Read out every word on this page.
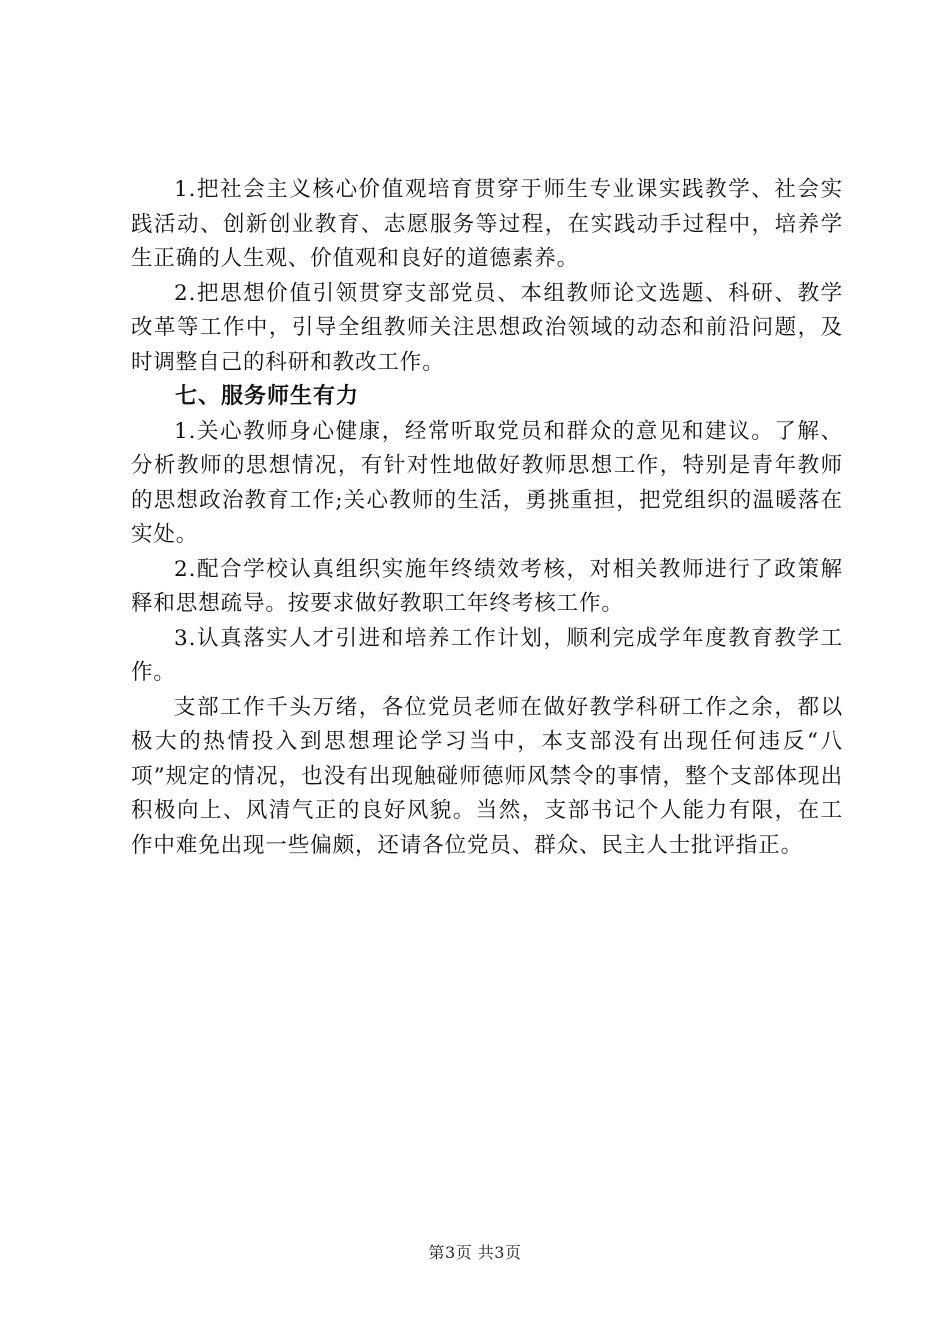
1.把社会主义核心价值观培育贯穿于师生专业课实践教学、社会实践活动、创新创业教育、志愿服务等过程，在实践动手过程中，培养学生正确的人生观、价值观和良好的道德素养。

2.把思想价值引领贯穿支部党员、本组教师论文选题、科研、教学改革等工作中，引导全组教师关注思想政治领域的动态和前沿问题，及时调整自己的科研和教改工作。

七、服务师生有力

1.关心教师身心健康，经常听取党员和群众的意见和建议。了解、分析教师的思想情况，有针对性地做好教师思想工作，特别是青年教师的思想政治教育工作;关心教师的生活，勇挑重担，把党组织的温暖落在实处。

2.配合学校认真组织实施年终绩效考核，对相关教师进行了政策解释和思想疏导。按要求做好教职工年终考核工作。

3.认真落实人才引进和培养工作计划，顺利完成学年度教育教学工作。

支部工作千头万绪，各位党员老师在做好教学科研工作之余，都以极大的热情投入到思想理论学习当中，本支部没有出现任何违反“八项”规定的情况，也没有出现触碰师德师风禁令的事情，整个支部体现出积极向上、风清气正的良好风貌。当然，支部书记个人能力有限，在工作中难免出现一些偏颇，还请各位党员、群众、民主人士批评指正。

第3页 共3页
